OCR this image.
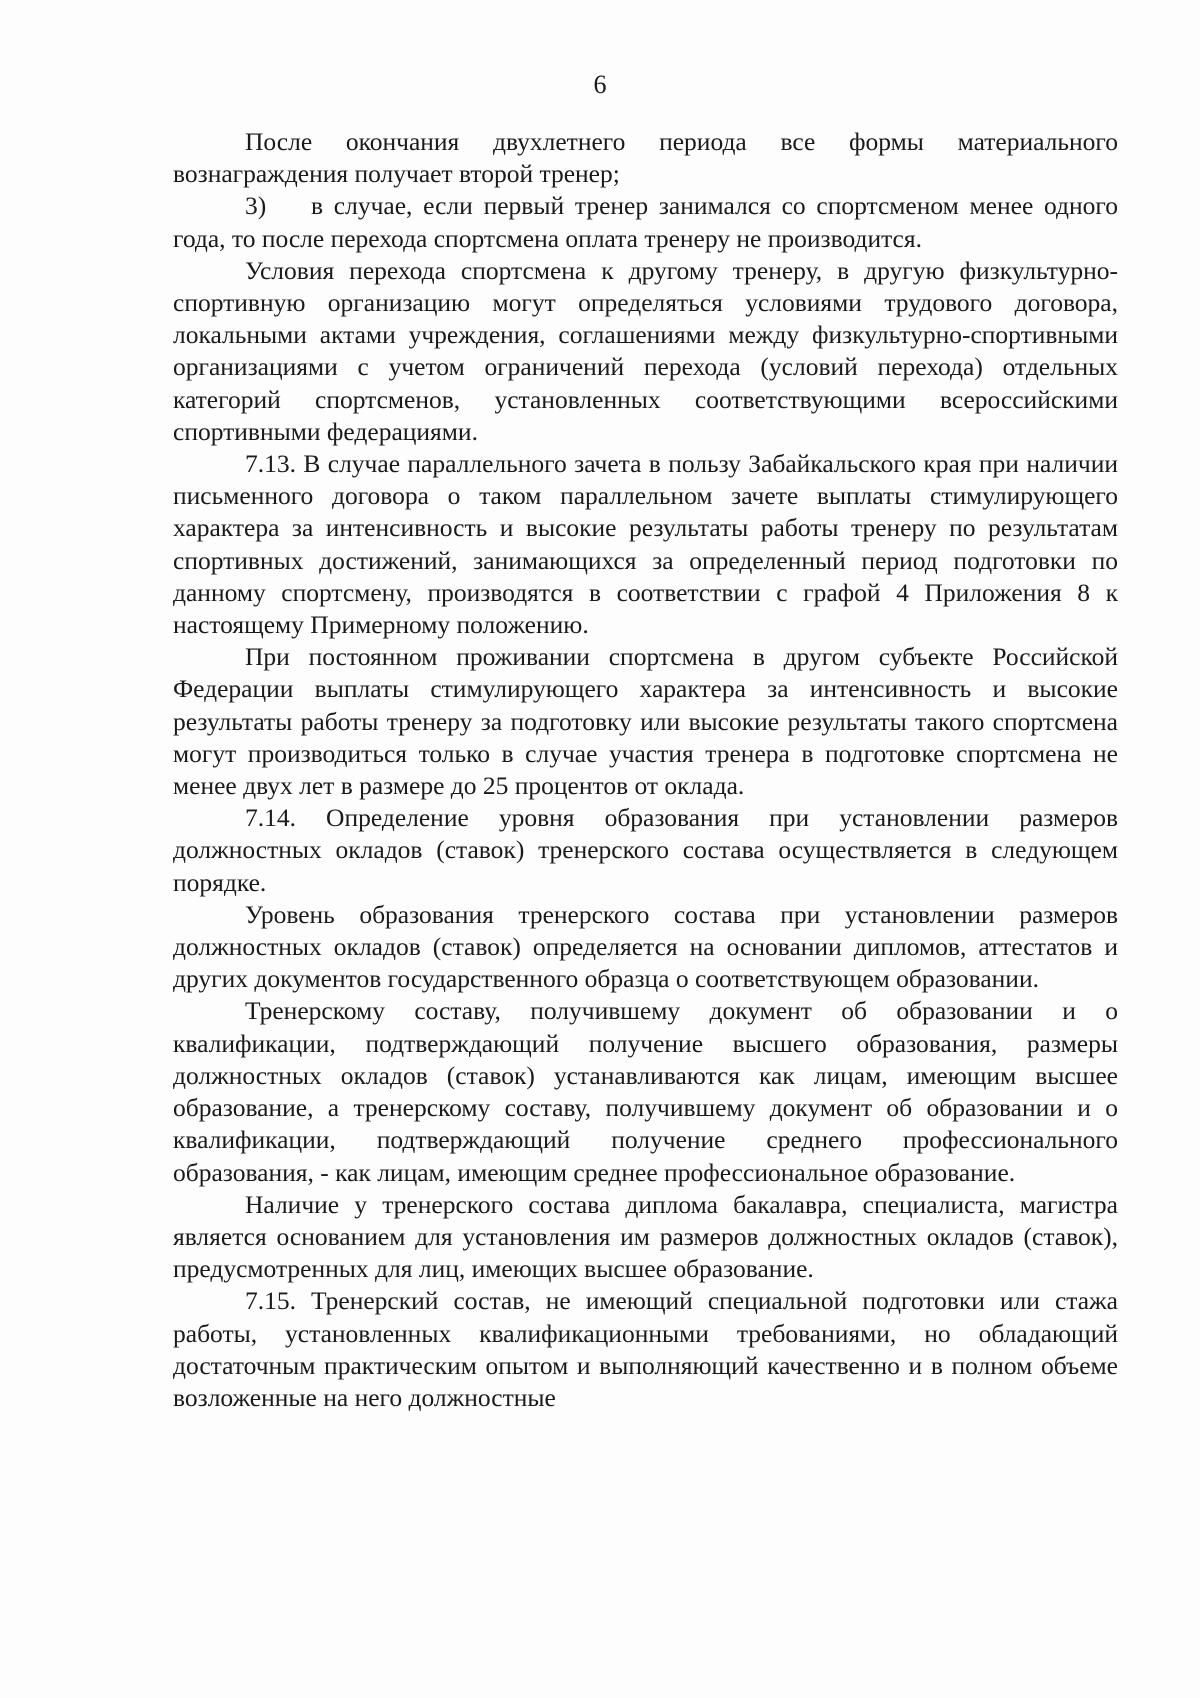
6

После окончания двухлетнего периода все формы материального вознаграждения получает второй тренер;

3) в случае, если первый тренер занимался со спортсменом менее одного года, то после перехода спортсмена оплата тренеру не производится.

Условия перехода спортсмена к другому тренеру, в другую физкультурно-спортивную организацию могут определяться условиями трудового договора, локальными актами учреждения, соглашениями между физкультурно-спортивными организациями с учетом ограничений перехода (условий перехода) отдельных категорий спортсменов, установленных соответствующими всероссийскими спортивными федерациями.

7.13. В случае параллельного зачета в пользу Забайкальского края при наличии письменного договора о таком параллельном зачете выплаты стимулирующего характера за интенсивность и высокие результаты работы тренеру по результатам спортивных достижений, занимающихся за определенный период подготовки по данному спортсмену, производятся в соответствии с графой 4 Приложения 8 к настоящему Примерному положению.

При постоянном проживании спортсмена в другом субъекте Российской Федерации выплаты стимулирующего характера за интенсивность и высокие результаты работы тренеру за подготовку или высокие результаты такого спортсмена могут производиться только в случае участия тренера в подготовке спортсмена не менее двух лет в размере до 25 процентов от оклада.

7.14. Определение уровня образования при установлении размеров должностных окладов (ставок) тренерского состава осуществляется в следующем порядке.

Уровень образования тренерского состава при установлении размеров должностных окладов (ставок) определяется на основании дипломов, аттестатов и других документов государственного образца о соответствующем образовании.

Тренерскому составу, получившему документ об образовании и о квалификации, подтверждающий получение высшего образования, размеры должностных окладов (ставок) устанавливаются как лицам, имеющим высшее образование, а тренерскому составу, получившему документ об образовании и о квалификации, подтверждающий получение среднего профессионального образования, - как лицам, имеющим среднее профессиональное образование.

Наличие у тренерского состава диплома бакалавра, специалиста, магистра является основанием для установления им размеров должностных окладов (ставок), предусмотренных для лиц, имеющих высшее образование.

7.15. Тренерский состав, не имеющий специальной подготовки или стажа работы, установленных квалификационными требованиями, но обладающий достаточным практическим опытом и выполняющий качественно и в полном объеме возложенные на него должностные
